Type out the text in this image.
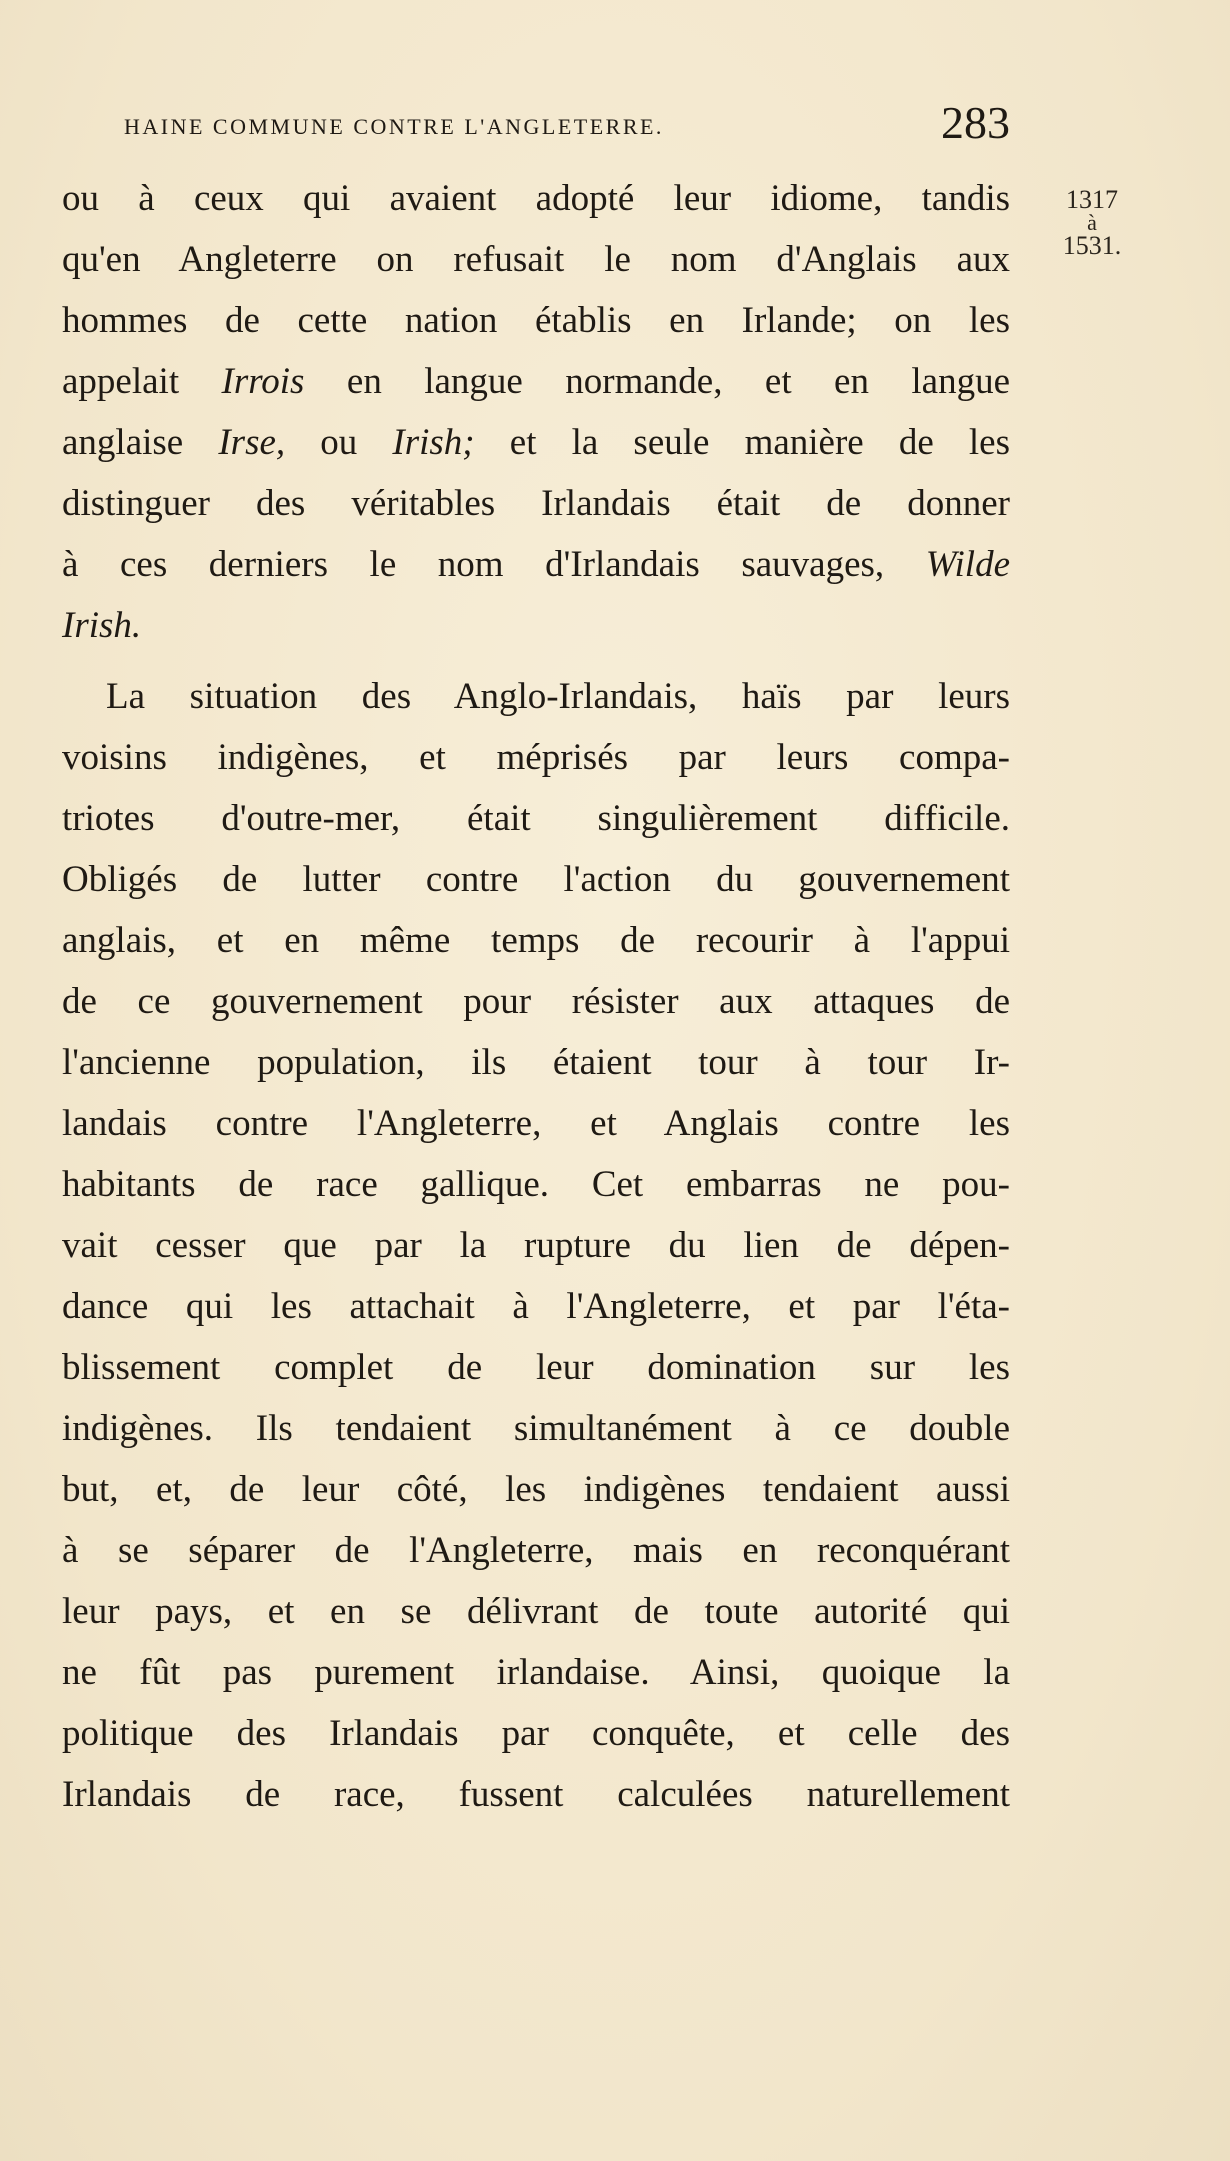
haine commune contre l'angleterre.	283
1317
à
1531.
ou à ceux qui avaient adopté leur idiome, tandis
qu'en Angleterre on refusait le nom d'Anglais aux
hommes de cette nation établis en Irlande; on les
appelait Irrois en langue normande, et en langue
anglaise Irse, ou Irish; et la seule manière de les
distinguer des véritables Irlandais était de donner
à ces derniers le nom d'Irlandais sauvages, Wilde
Irish.
La situation des Anglo-Irlandais, haïs par leurs
voisins indigènes, et méprisés par leurs compa-
triotes d'outre-mer, était singulièrement difficile.
Obligés de lutter contre l'action du gouvernement
anglais, et en même temps de recourir à l'appui
de ce gouvernement pour résister aux attaques de
l'ancienne population, ils étaient tour à tour Ir-
landais contre l'Angleterre, et Anglais contre les
habitants de race gallique. Cet embarras ne pou-
vait cesser que par la rupture du lien de dépen-
dance qui les attachait à l'Angleterre, et par l'éta-
blissement complet de leur domination sur les
indigènes. Ils tendaient simultanément à ce double
but, et, de leur côté, les indigènes tendaient aussi
à se séparer de l'Angleterre, mais en reconquérant
leur pays, et en se délivrant de toute autorité qui
ne fût pas purement irlandaise. Ainsi, quoique la
politique des Irlandais par conquête, et celle des
Irlandais de race, fussent calculées naturellement
